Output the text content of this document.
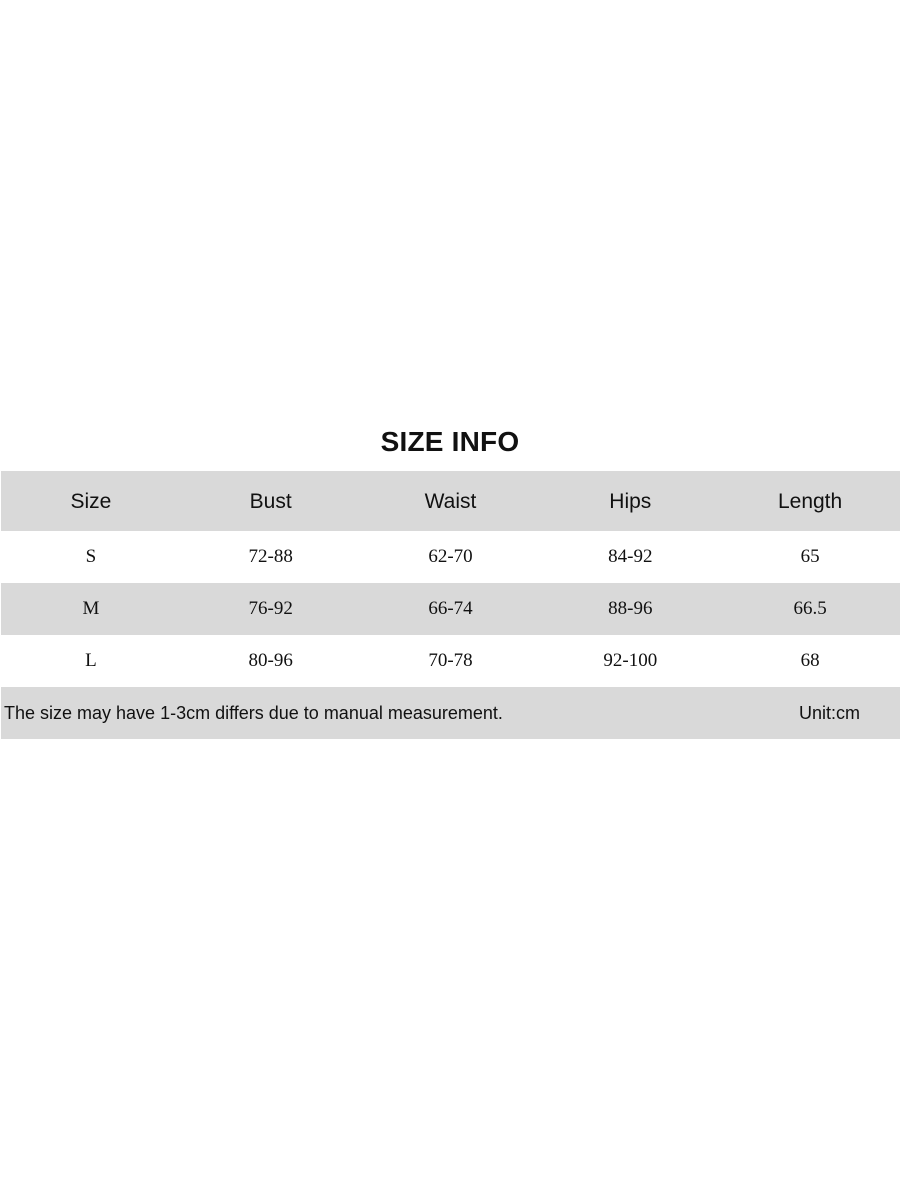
SIZE INFO
Size	Bust	Waist	Hips	Length
S	72-88	62-70	84-92	65
M	76-92	66-74	88-96	66.5
L	80-96	70-78	92-100	68
The size may have 1-3cm differs due to manual measurement.	Unit:cm
